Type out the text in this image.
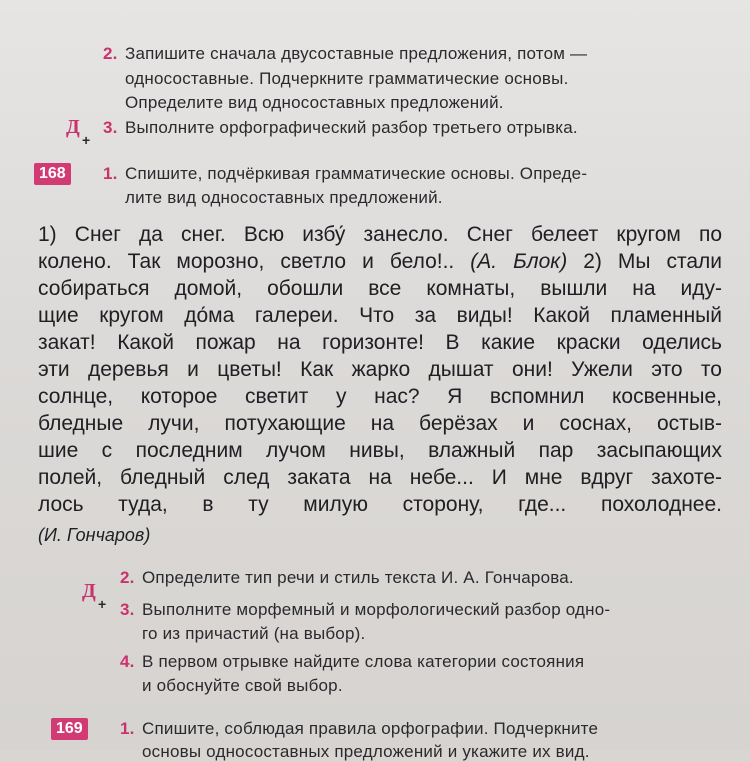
2. Запишите сначала двусоставные предложения, потом —
односоставные. Подчеркните грамматические основы.
Определите вид односоставных предложений.
Д
+
3. Выполните орфографический разбор третьего отрывка.
168 1. Спишите, подчёркивая грамматические основы. Опреде-
лите вид односоставных предложений.
1) Снег да снег. Всю избу́ занесло. Снег белеет кругом по
колено. Так морозно, светло и бело!.. (А. Блок) 2) Мы стали
собираться домой, обошли все комнаты, вышли на иду-
щие кругом до́ма галереи. Что за виды! Какой пламенный
закат! Какой пожар на горизонте! В какие краски оделись
эти деревья и цветы! Как жарко дышат они! Ужели это то
солнце, которое светит у нас? Я вспомнил косвенные,
бледные лучи, потухающие на берёзах и соснах, остыв-
шие с последним лучом нивы, влажный пар засыпающих
полей, бледный след заката на небе... И мне вдруг захоте-
лось туда, в ту милую сторону, где... похолоднее.
(И. Гончаров)
Д
+
2. Определите тип речи и стиль текста И. А. Гончарова.
3. Выполните морфемный и морфологический разбор одно-
го из причастий (на выбор).
4. В первом отрывке найдите слова категории состояния
и обоснуйте свой выбор.
169 1. Спишите, соблюдая правила орфографии. Подчеркните
основы односоставных предложений и укажите их вид.
